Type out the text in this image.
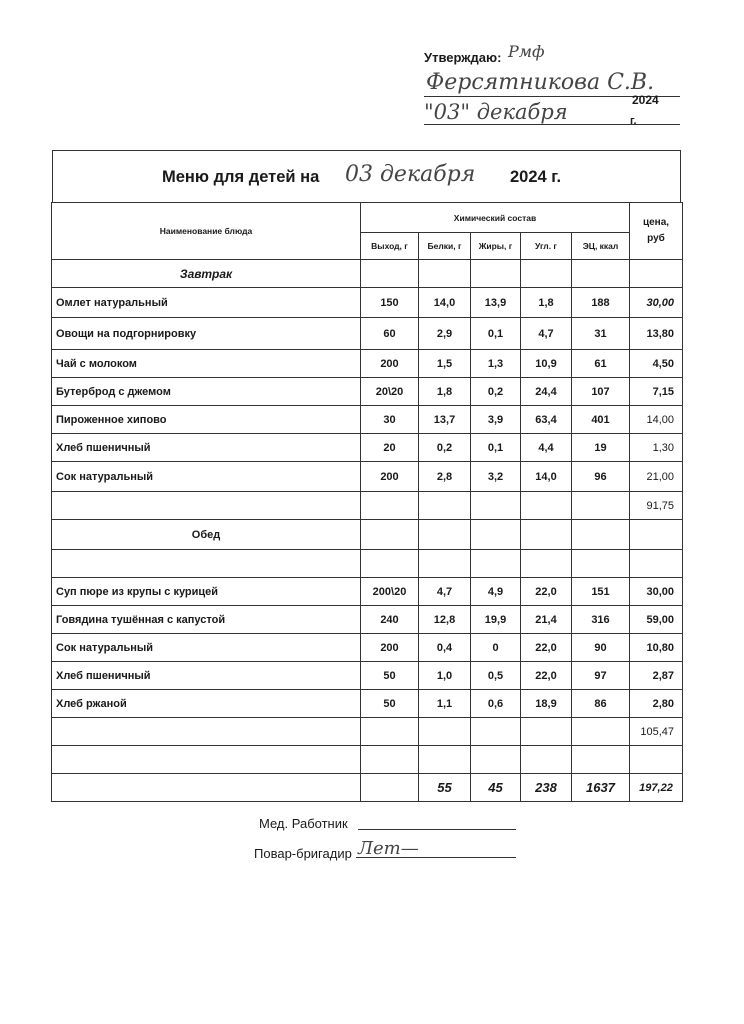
Утверждаю: Рмф
Ферсятникова С.В.
"03" декабря	2024
г.
Меню для детей на 03 декабря 2024 г.
Наименование блюда	Химический состав					цена, руб
	Выход, г	Белки, г	Жиры, г	Угл. г	ЭЦ, ккал	
Завтрак						
Омлет натуральный	150	14,0	13,9	1,8	188	30,00
Овощи на подгорнировку	60	2,9	0,1	4,7	31	13,80
Чай с молоком	200	1,5	1,3	10,9	61	4,50
Бутерброд с джемом	20\20	1,8	0,2	24,4	107	7,15
Пироженное хипово	30	13,7	3,9	63,4	401	14,00
Хлеб пшеничный	20	0,2	0,1	4,4	19	1,30
Сок натуральный	200	2,8	3,2	14,0	96	21,00
						91,75
Обед						

Суп пюре из крупы с курицей	200\20	4,7	4,9	22,0	151	30,00
Говядина тушённая с капустой	240	12,8	19,9	21,4	316	59,00
Сок натуральный	200	0,4	0	22,0	90	10,80
Хлеб пшеничный	50	1,0	0,5	22,0	97	2,87
Хлеб ржаной	50	1,1	0,6	18,9	86	2,80
						105,47

		55	45	238	1637	197,22
Мед. Работник
Повар-бригадир Лет—
